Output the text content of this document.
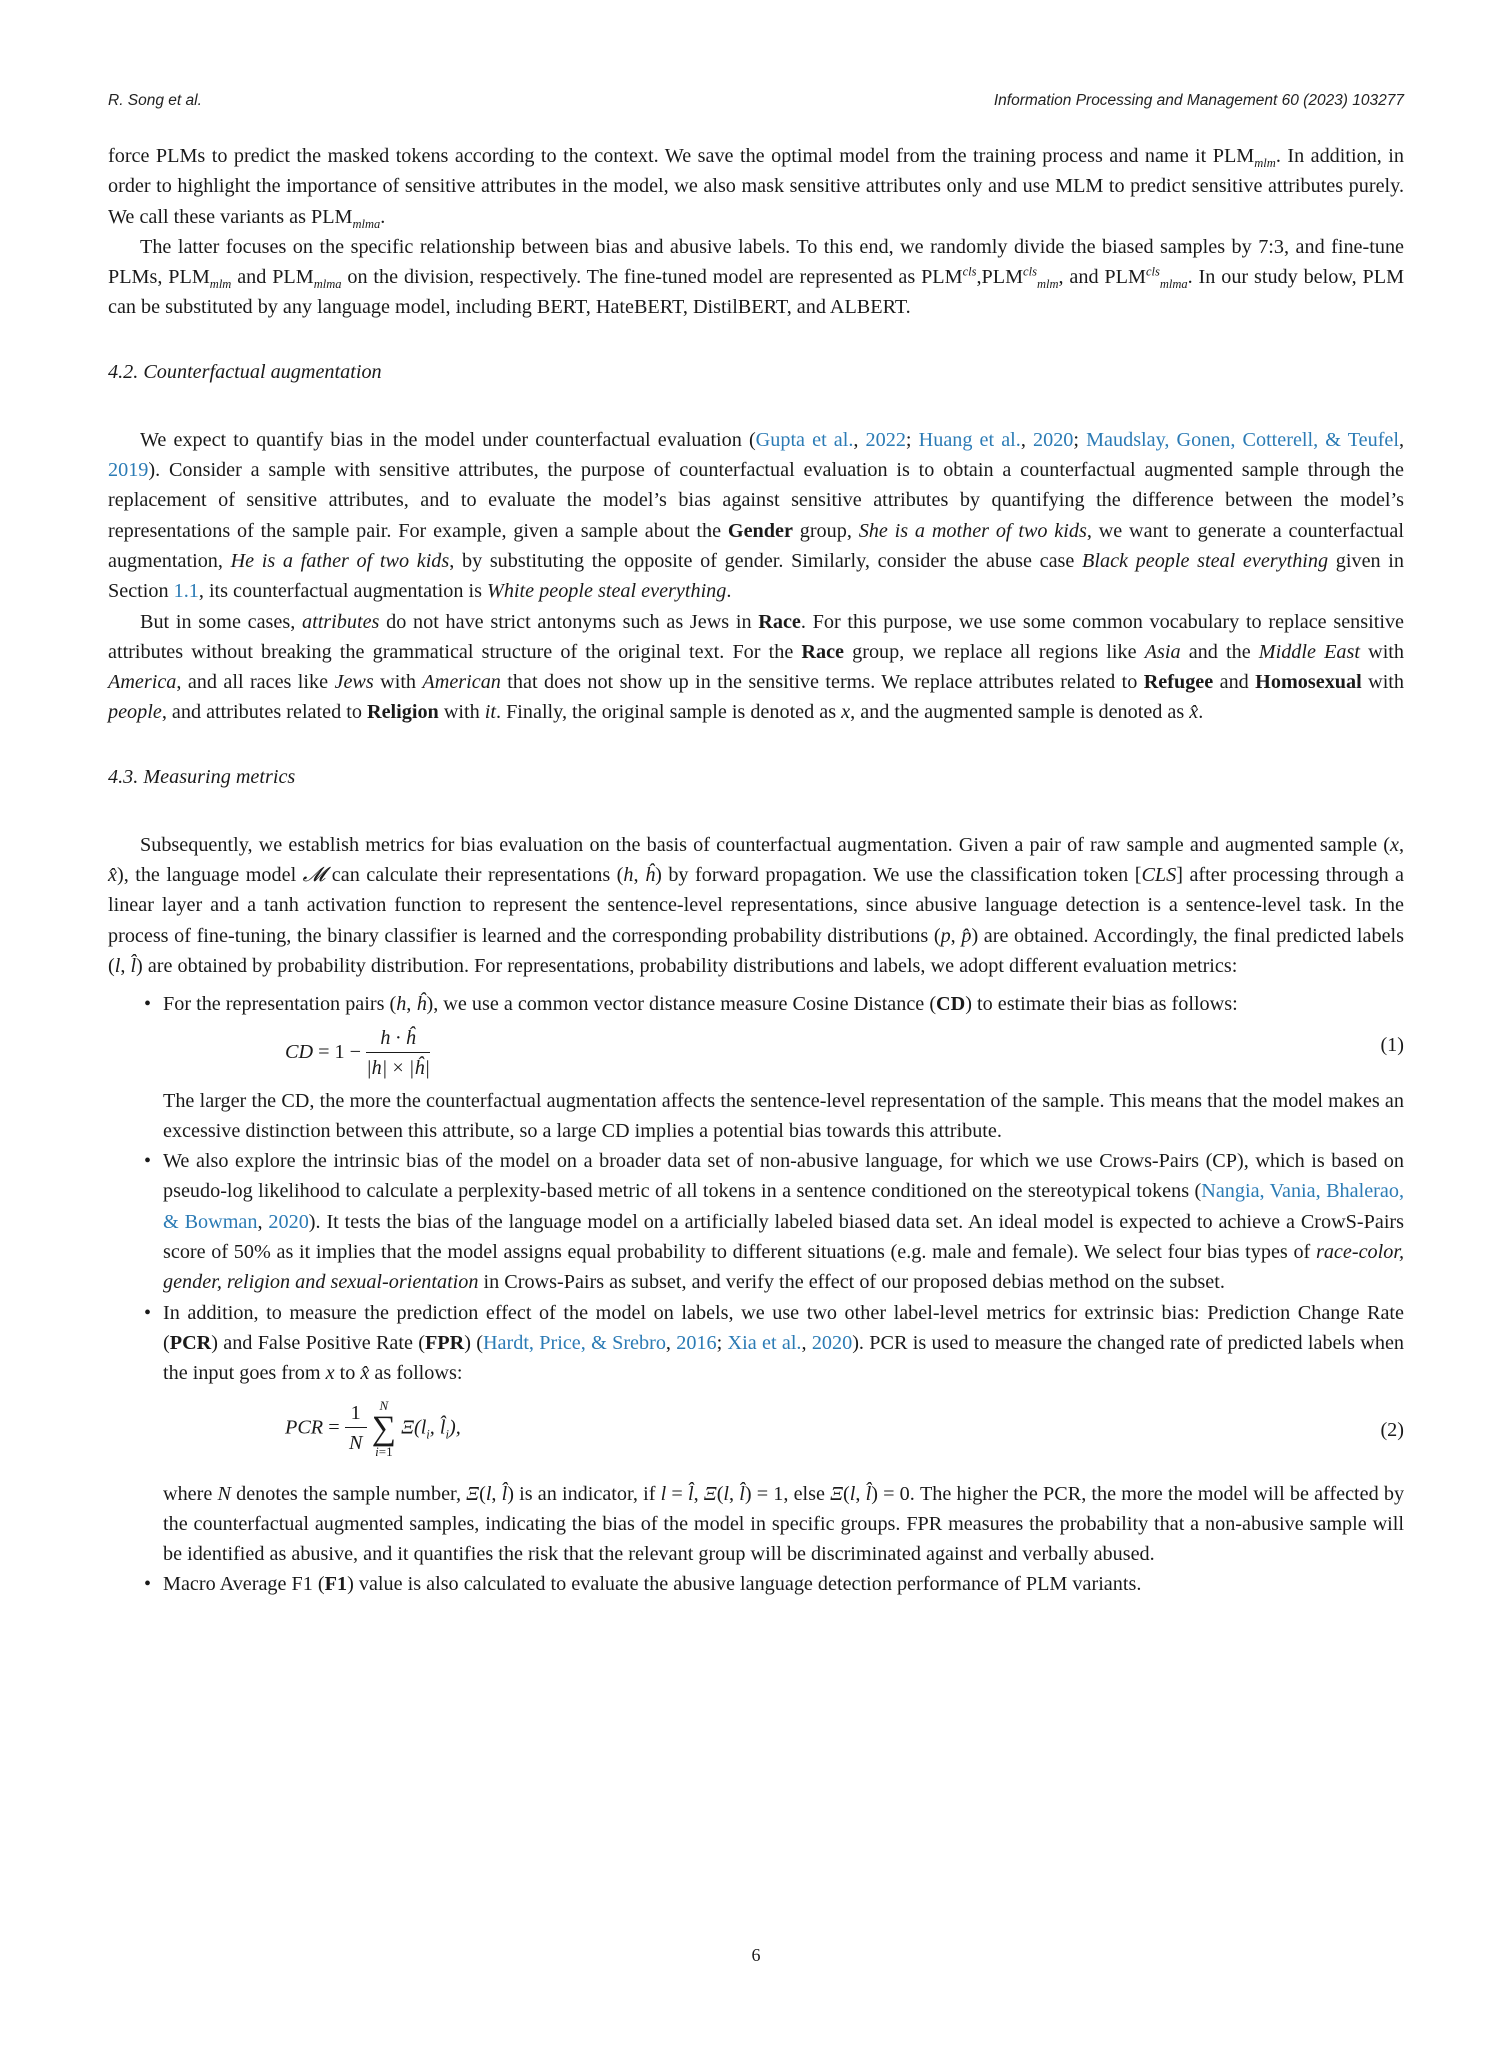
R. Song et al.	Information Processing and Management 60 (2023) 103277

force PLMs to predict the masked tokens according to the context. We save the optimal model from the training process and name it $PLM_{mlm}$. In addition, in order to highlight the importance of sensitive attributes in the model, we also mask sensitive attributes only and use MLM to predict sensitive attributes purely. We call these variants as $PLM_{mlma}$.

The latter focuses on the specific relationship between bias and abusive labels. To this end, we randomly divide the biased samples by 7:3, and fine-tune PLMs, $PLM_{mlm}$ and $PLM_{mlma}$ on the division, respectively. The fine-tuned model are represented as $PLM^{cls},PLM^{cls}_{mlm}$, and $PLM^{cls}_{mlma}$. In our study below, PLM can be substituted by any language model, including BERT, HateBERT, DistilBERT, and ALBERT.

4.2. Counterfactual augmentation

We expect to quantify bias in the model under counterfactual evaluation (Gupta et al., 2022; Huang et al., 2020; Maudslay, Gonen, Cotterell, & Teufel, 2019). Consider a sample with sensitive attributes, the purpose of counterfactual evaluation is to obtain a counterfactual augmented sample through the replacement of sensitive attributes, and to evaluate the model’s bias against sensitive attributes by quantifying the difference between the model’s representations of the sample pair. For example, given a sample about the Gender group, She is a mother of two kids, we want to generate a counterfactual augmentation, He is a father of two kids, by substituting the opposite of gender. Similarly, consider the abuse case Black people steal everything given in Section 1.1, its counterfactual augmentation is White people steal everything.

But in some cases, attributes do not have strict antonyms such as Jews in Race. For this purpose, we use some common vocabulary to replace sensitive attributes without breaking the grammatical structure of the original text. For the Race group, we replace all regions like Asia and the Middle East with America, and all races like Jews with American that does not show up in the sensitive terms. We replace attributes related to Refugee and Homosexual with people, and attributes related to Religion with it. Finally, the original sample is denoted as x, and the augmented sample is denoted as x̂.

4.3. Measuring metrics

Subsequently, we establish metrics for bias evaluation on the basis of counterfactual augmentation. Given a pair of raw sample and augmented sample (x, x̂), the language model 𝓜 can calculate their representations (h, ĥ) by forward propagation. We use the classification token [CLS] after processing through a linear layer and a tanh activation function to represent the sentence-level representations, since abusive language detection is a sentence-level task. In the process of fine-tuning, the binary classifier is learned and the corresponding probability distributions (p, p̂) are obtained. Accordingly, the final predicted labels (l, l̂) are obtained by probability distribution. For representations, probability distributions and labels, we adopt different evaluation metrics:

• For the representation pairs (h, ĥ), we use a common vector distance measure Cosine Distance (CD) to estimate their bias as follows:

CD = $1 - \frac{h \cdot ĥ}{|h| \times |ĥ|}$	(1)

The larger the CD, the more the counterfactual augmentation affects the sentence-level representation of the sample. This means that the model makes an excessive distinction between this attribute, so a large CD implies a potential bias towards this attribute.

• We also explore the intrinsic bias of the model on a broader data set of non-abusive language, for which we use Crows-Pairs (CP), which is based on pseudo-log likelihood to calculate a perplexity-based metric of all tokens in a sentence conditioned on the stereotypical tokens (Nangia, Vania, Bhalerao, & Bowman, 2020). It tests the bias of the language model on a artificially labeled biased data set. An ideal model is expected to achieve a CrowS-Pairs score of 50% as it implies that the model assigns equal probability to different situations (e.g. male and female). We select four bias types of race-color, gender, religion and sexual-orientation in Crows-Pairs as subset, and verify the effect of our proposed debias method on the subset.

• In addition, to measure the prediction effect of the model on labels, we use two other label-level metrics for extrinsic bias: Prediction Change Rate (PCR) and False Positive Rate (FPR) (Hardt, Price, & Srebro, 2016; Xia et al., 2020). PCR is used to measure the changed rate of predicted labels when the input goes from x to x̂ as follows:

PCR = $\frac{1}{N}$
N
∑
i=1
$\Xi(l_i$, $l̂_i$),	(2)

where N denotes the sample number, Ξ(l, l̂) is an indicator, if l = l̂, Ξ(l, l̂) = 1, else Ξ(l, l̂) = 0. The higher the PCR, the more the model will be affected by the counterfactual augmented samples, indicating the bias of the model in specific groups. FPR measures the probability that a non-abusive sample will be identified as abusive, and it quantifies the risk that the relevant group will be discriminated against and verbally abused.

• Macro Average F1 (F1) value is also calculated to evaluate the abusive language detection performance of PLM variants.

6
